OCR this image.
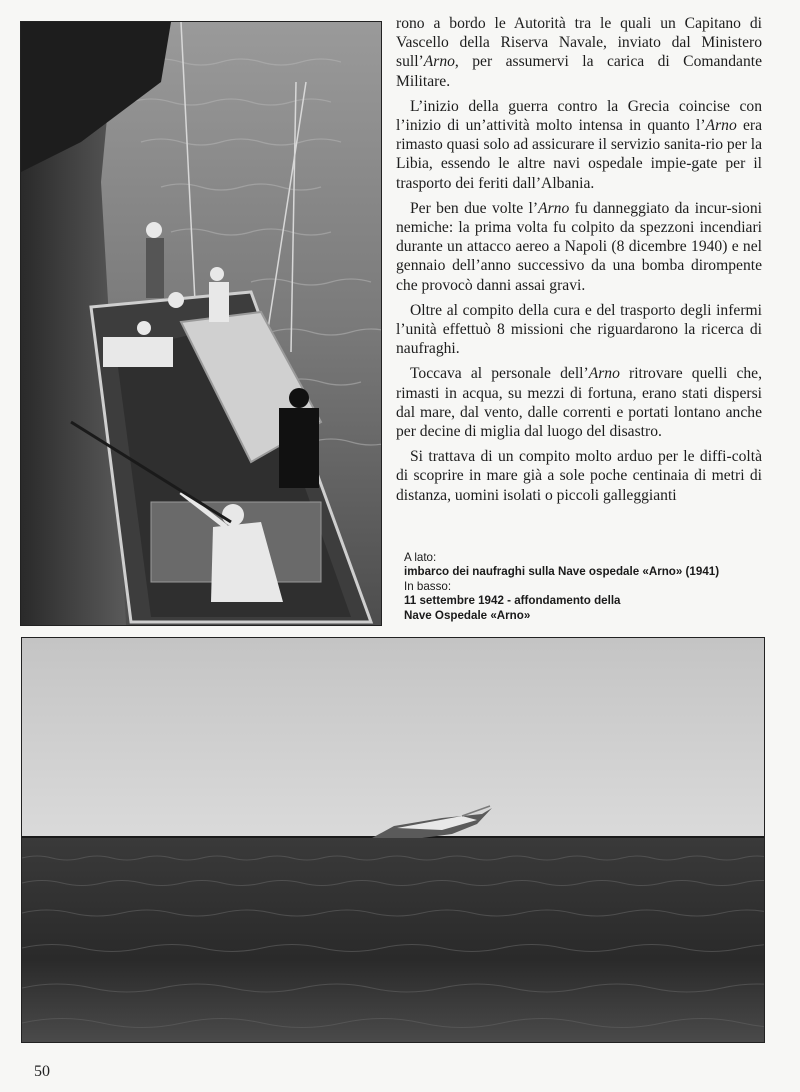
rono a bordo le Autorità tra le quali un Capitano di Vascello della Riserva Navale, inviato dal Ministero sull’Arno, per assumervi la carica di Comandante Militare.

L’inizio della guerra contro la Grecia coincise con l’inizio di un’attività molto intensa in quanto l’Arno era rimasto quasi solo ad assicurare il servizio sanita-rio per la Libia, essendo le altre navi ospedale impie-gate per il trasporto dei feriti dall’Albania.

Per ben due volte l’Arno fu danneggiato da incur-sioni nemiche: la prima volta fu colpito da spezzoni incendiari durante un attacco aereo a Napoli (8 dicembre 1940) e nel gennaio dell’anno successivo da una bomba dirompente che provocò danni assai gravi.

Oltre al compito della cura e del trasporto degli infermi l’unità effettuò 8 missioni che riguardarono la ricerca di naufraghi.

Toccava al personale dell’Arno ritrovare quelli che, rimasti in acqua, su mezzi di fortuna, erano stati dispersi dal mare, dal vento, dalle correnti e portati lontano anche per decine di miglia dal luogo del disastro.

Si trattava di un compito molto arduo per le diffi-coltà di scoprire in mare già a sole poche centinaia di metri di distanza, uomini isolati o piccoli galleggianti

A lato:
imbarco dei naufraghi sulla Nave ospedale «Arno» (1941)
In basso:
11 settembre 1942 - affondamento della
Nave Ospedale «Arno»
50
